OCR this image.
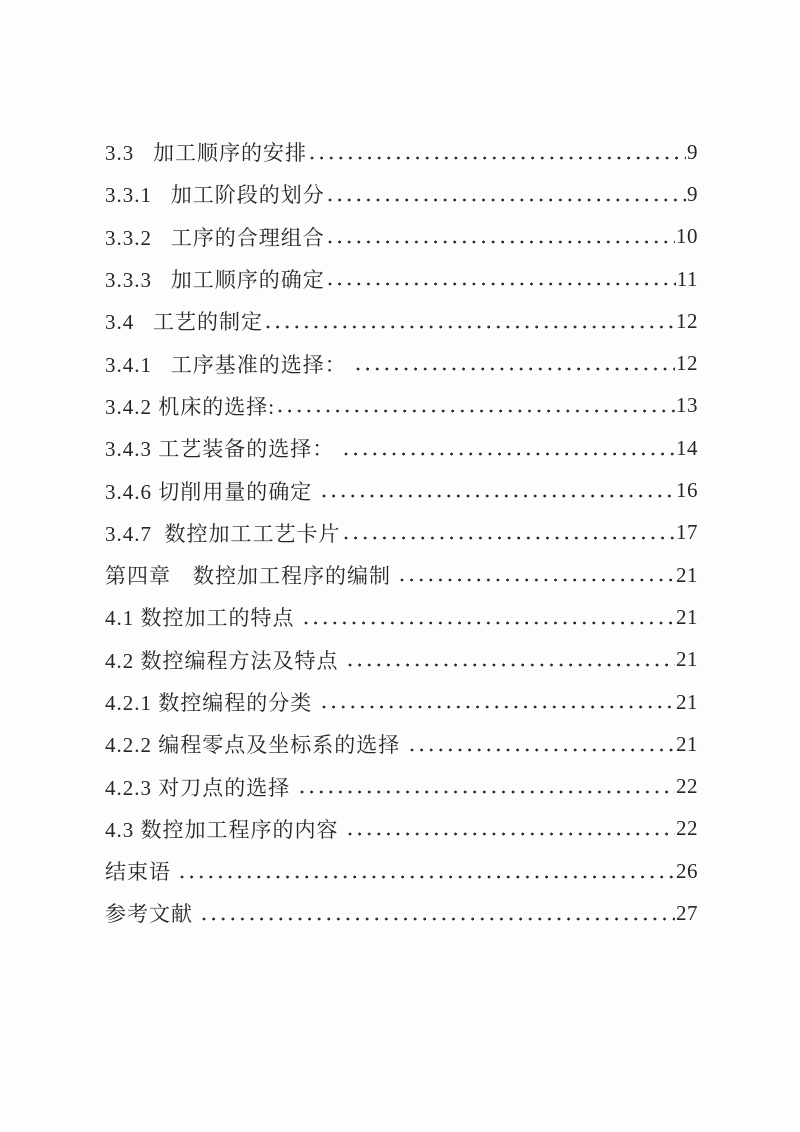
3.3   加工顺序的安排	9
3.3.1   加工阶段的划分	9
3.3.2   工序的合理组合	10
3.3.3   加工顺序的确定	11
3.4   工艺的制定	12
3.4.1   工序基准的选择：	12
3.4.2 机床的选择:	13
3.4.3 工艺装备的选择：	14
3.4.6 切削用量的确定	16
3.4.7  数控加工工艺卡片	17
第四章　数控加工程序的编制	21
4.1 数控加工的特点	21
4.2 数控编程方法及特点	21
4.2.1 数控编程的分类	21
4.2.2 编程零点及坐标系的选择	21
4.2.3 对刀点的选择	22
4.3 数控加工程序的内容	22
结束语	26
参考文献	27
